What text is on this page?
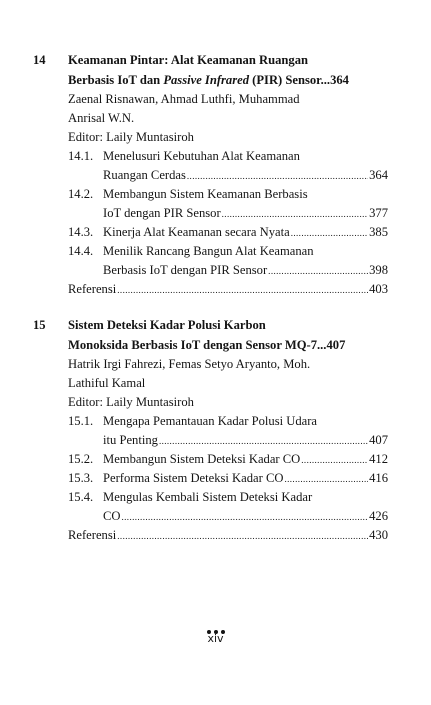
14 Keamanan Pintar: Alat Keamanan Ruangan
Berbasis IoT dan Passive Infrared (PIR) Sensor... 364
Zaenal Risnawan, Ahmad Luthfi, Muhammad
Anrisal W.N.
Editor: Laily Muntasiroh
14.1. Menelusuri Kebutuhan Alat Keamanan
Ruangan Cerdas .....	364
14.2. Membangun Sistem Keamanan Berbasis
IoT dengan PIR Sensor .....	377
14.3. Kinerja Alat Keamanan secara Nyata .....	385
14.4. Menilik Rancang Bangun Alat Keamanan
Berbasis IoT dengan PIR Sensor .....	398
Referensi .....	403
15 Sistem Deteksi Kadar Polusi Karbon
Monoksida Berbasis IoT dengan Sensor MQ-7... 407
Hatrik Irgi Fahrezi, Femas Setyo Aryanto, Moh.
Lathiful Kamal
Editor: Laily Muntasiroh
15.1. Mengapa Pemantauan Kadar Polusi Udara
itu Penting .....	407
15.2. Membangun Sistem Deteksi Kadar CO .....	412
15.3. Performa Sistem Deteksi Kadar CO .....	416
15.4. Mengulas Kembali Sistem Deteksi Kadar
CO .....	426
Referensi .....	430
xiv
